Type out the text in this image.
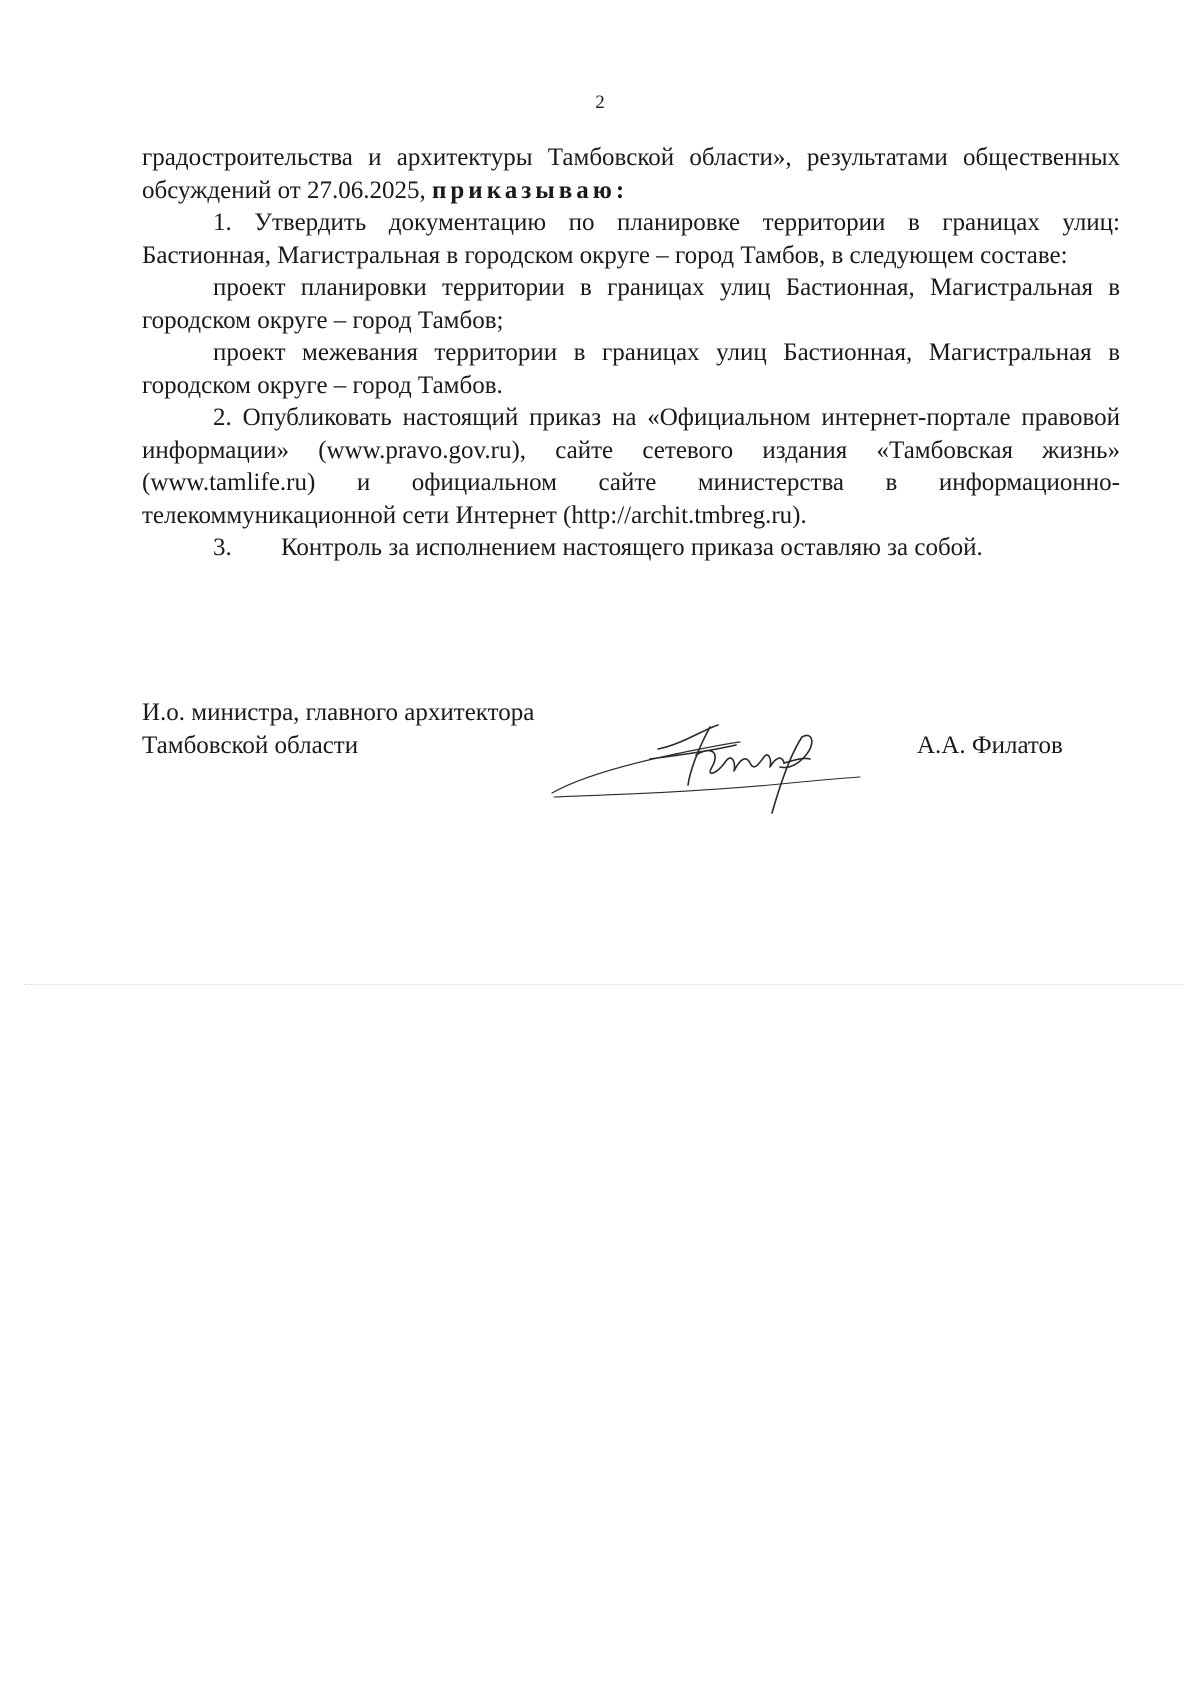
2

градостроительства и архитектуры Тамбовской области», результатами общественных обсуждений от 27.06.2025, приказываю:

1. Утвердить документацию по планировке территории в границах улиц: Бастионная, Магистральная в городском округе – город Тамбов, в следующем составе:

проект планировки территории в границах улиц Бастионная, Магистральная в городском округе – город Тамбов;

проект межевания территории в границах улиц Бастионная, Магистральная в городском округе – город Тамбов.

2. Опубликовать настоящий приказ на «Официальном интернет-портале правовой информации» (www.pravo.gov.ru), сайте сетевого издания «Тамбовская жизнь» (www.tamlife.ru) и официальном сайте министерства в информационно-телекоммуникационной сети Интернет (http://archit.tmbreg.ru).

3. Контроль за исполнением настоящего приказа оставляю за собой.

И.о. министра, главного архитектора

Тамбовской области	А.А. Филатов
